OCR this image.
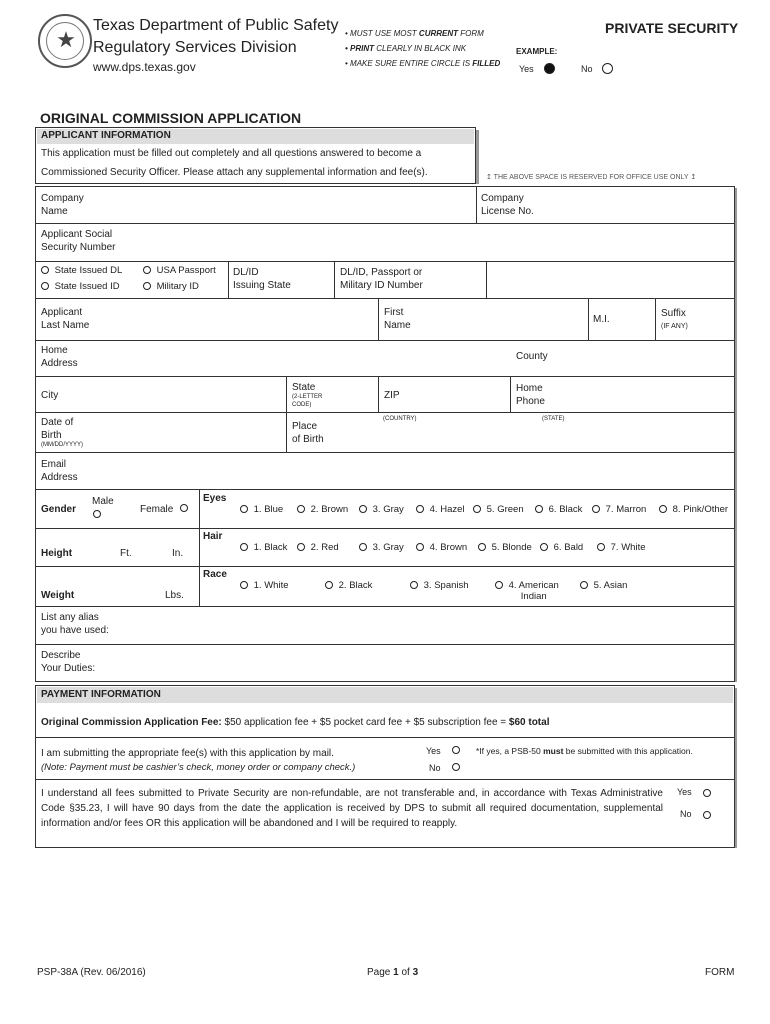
★
Texas Department of Public Safety
Regulatory Services Division
www.dps.texas.gov
• MUST USE MOST CURRENT FORM
• PRINT CLEARLY IN BLACK INK
• MAKE SURE ENTIRE CIRCLE IS FILLED
PRIVATE SECURITY
EXAMPLE:
Yes	No
ORIGINAL COMMISSION APPLICATION
APPLICANT INFORMATION
This application must be filled out completely and all questions answered to become a
Commissioned Security Officer. Please attach any supplemental information and fee(s).	↥ THE ABOVE SPACE IS RESERVED FOR OFFICE USE ONLY ↥
Company
Name
Company
License No.
Applicant Social
Security Number
State Issued DL	USA Passport
State Issued ID	Military ID
DL/ID
Issuing State
DL/ID, Passport or
Military ID Number
Applicant
Last Name
First
Name
M.I.
Suffix
(IF ANY)
Home
Address
County
City
State
(2-LETTER
CODE)
ZIP
Home
Phone
Date of
Birth
(MM/DD/YYYY)
Place
of Birth
(COUNTRY)	(STATE)
Email
Address
Gender
Male
Female
Eyes
1. Blue	2. Brown	3. Gray	4. Hazel	5. Green	6. Black	7. Marron	8. Pink/Other
Height	Ft.	In.
Hair
1. Black	2. Red	3. Gray	4. Brown	5. Blonde	6. Bald	7. White
Weight	Lbs.
Race
1. White	2. Black	3. Spanish	4. American
Indian
5. Asian
List any alias
you have used:
Describe
Your Duties:
PAYMENT INFORMATION
Original Commission Application Fee: $50 application fee + $5 pocket card fee + $5 subscription fee = $60 total
I am submitting the appropriate fee(s) with this application by mail.
(Note: Payment must be cashier’s check, money order or company check.)
Yes
No
*If yes, a PSB-50 must be submitted with this application.
I understand all fees submitted to Private Security are non-refundable, are not transferable and, in accordance with Texas Administrative Code §35.23, I will have 90 days from the date the application is received by DPS to submit all required documentation, supplemental information and/or fees OR this application will be abandoned and I will be required to reapply.
Yes
No
PSP-38A (Rev. 06/2016)	Page 1 of 3	FORM
